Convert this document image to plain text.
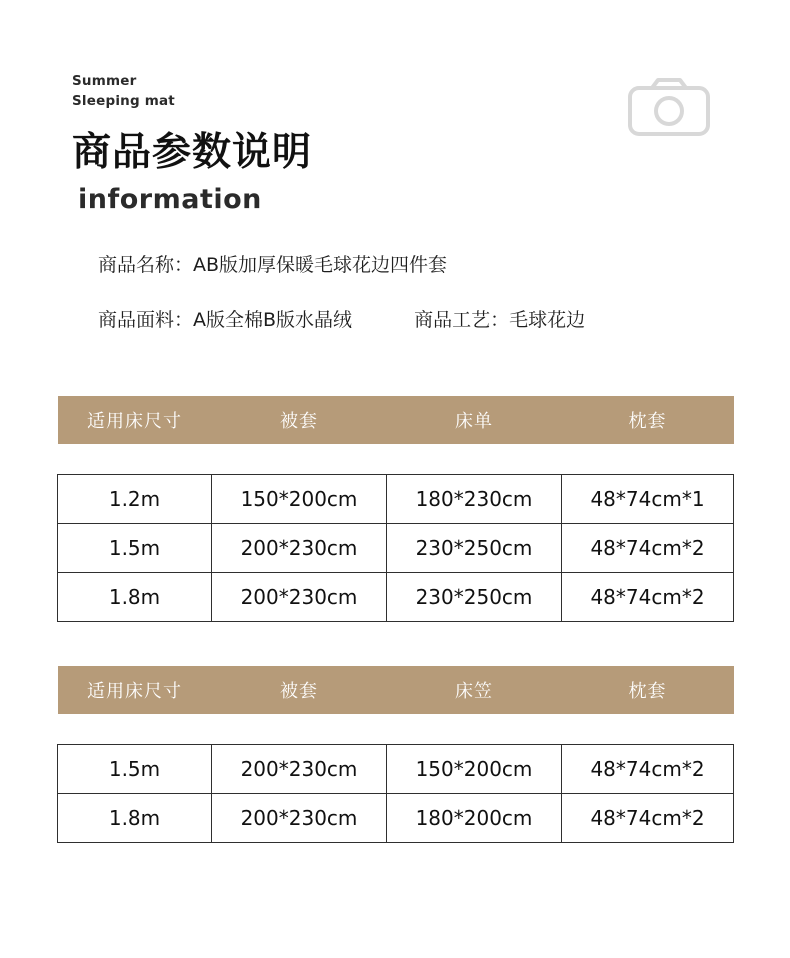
Summer
Sleeping mat
商品参数说明
information
商品名称： AB版加厚保暖毛球花边四件套
商品面料： A版全棉B版水晶绒	商品工艺： 毛球花边
适用床尺寸	被套	床单	枕套

1.2m	150*200cm	180*230cm	48*74cm*1
1.5m	200*230cm	230*250cm	48*74cm*2
1.8m	200*230cm	230*250cm	48*74cm*2
适用床尺寸	被套	床笠	枕套

1.5m	200*230cm	150*200cm	48*74cm*2
1.8m	200*230cm	180*200cm	48*74cm*2
